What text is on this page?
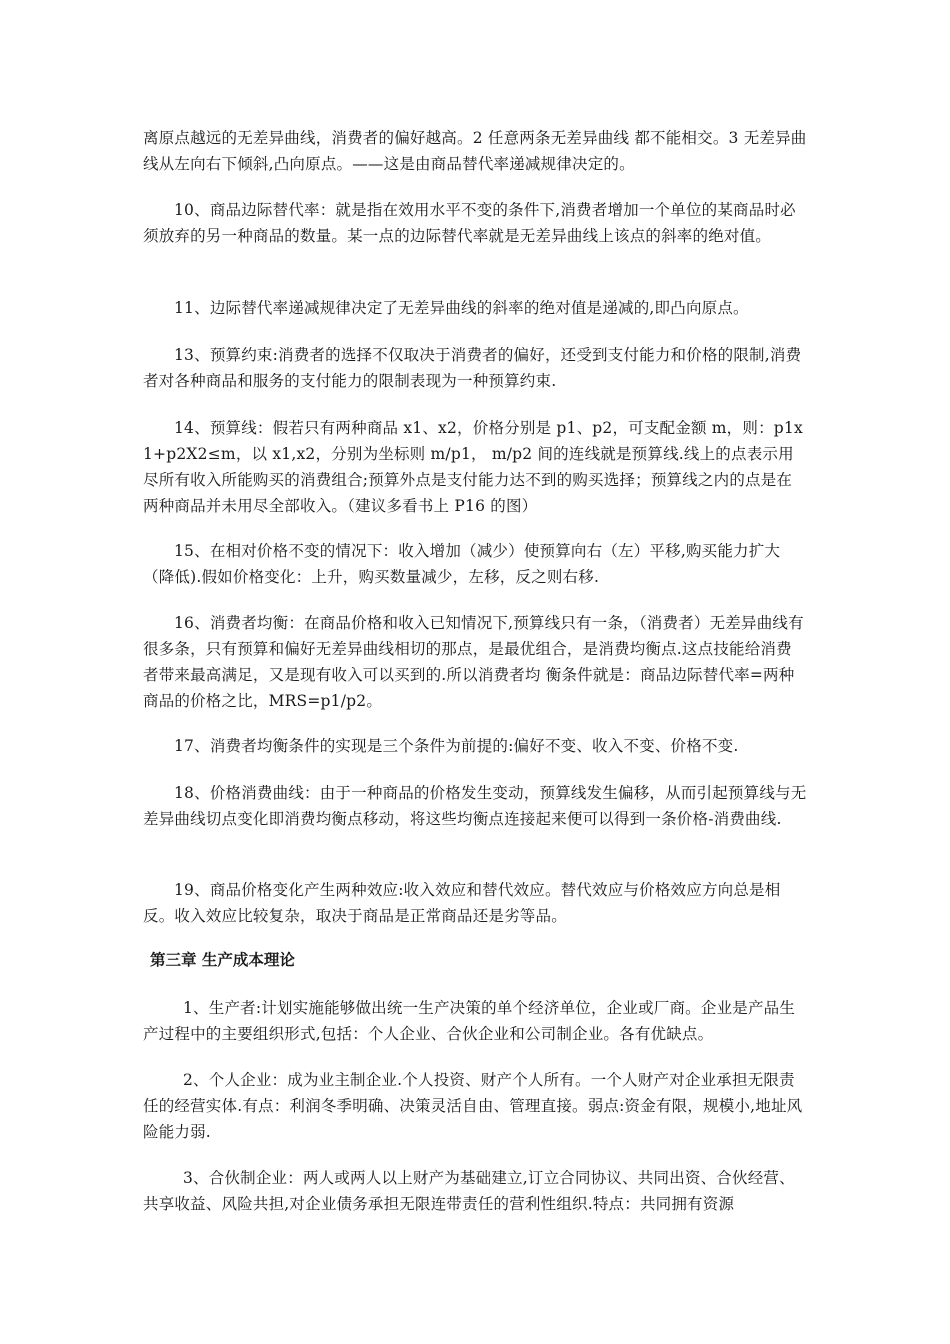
离原点越远的无差异曲线，消费者的偏好越高。2 任意两条无差异曲线 都不能相交。3 无差异曲线从左向右下倾斜,凸向原点。——这是由商品替代率递减规律决定的。

10、商品边际替代率：就是指在效用水平不变的条件下,消费者增加一个单位的某商品时必须放弃的另一种商品的数量。某一点的边际替代率就是无差异曲线上该点的斜率的绝对值。

11、边际替代率递减规律决定了无差异曲线的斜率的绝对值是递减的,即凸向原点。

13、预算约束:消费者的选择不仅取决于消费者的偏好，还受到支付能力和价格的限制,消费者对各种商品和服务的支付能力的限制表现为一种预算约束.

14、预算线：假若只有两种商品 x1、x2，价格分别是 p1、p2，可支配金额 m，则：p1x1+p2X2≤m，以 x1,x2，分别为坐标则 m/p1， m/p2 间的连线就是预算线.线上的点表示用尽所有收入所能购买的消费组合;预算外点是支付能力达不到的购买选择；预算线之内的点是在两种商品并未用尽全部收入。（建议多看书上 P16 的图）

15、在相对价格不变的情况下：收入增加（减少）使预算向右（左）平移,购买能力扩大（降低).假如价格变化：上升，购买数量减少，左移，反之则右移.

16、消费者均衡：在商品价格和收入已知情况下,预算线只有一条，（消费者）无差异曲线有很多条，只有预算和偏好无差异曲线相切的那点，是最优组合，是消费均衡点.这点技能给消费者带来最高满足，又是现有收入可以买到的.所以消费者均 衡条件就是：商品边际替代率=两种商品的价格之比，MRS=p1/p2。

17、消费者均衡条件的实现是三个条件为前提的:偏好不变、收入不变、价格不变.

18、价格消费曲线：由于一种商品的价格发生变动，预算线发生偏移，从而引起预算线与无差异曲线切点变化即消费均衡点移动，将这些均衡点连接起来便可以得到一条价格-消费曲线.

19、商品价格变化产生两种效应:收入效应和替代效应。替代效应与价格效应方向总是相反。收入效应比较复杂，取决于商品是正常商品还是劣等品。

第三章 生产成本理论

1、生产者:计划实施能够做出统一生产决策的单个经济单位，企业或厂商。企业是产品生产过程中的主要组织形式,包括：个人企业、合伙企业和公司制企业。各有优缺点。

2、个人企业：成为业主制企业.个人投资、财产个人所有。一个人财产对企业承担无限责任的经营实体.有点：利润冬季明确、决策灵活自由、管理直接。弱点:资金有限，规模小,地址风险能力弱.

3、合伙制企业：两人或两人以上财产为基础建立,订立合同协议、共同出资、合伙经营、共享收益、风险共担,对企业债务承担无限连带责任的营利性组织.特点：共同拥有资源
